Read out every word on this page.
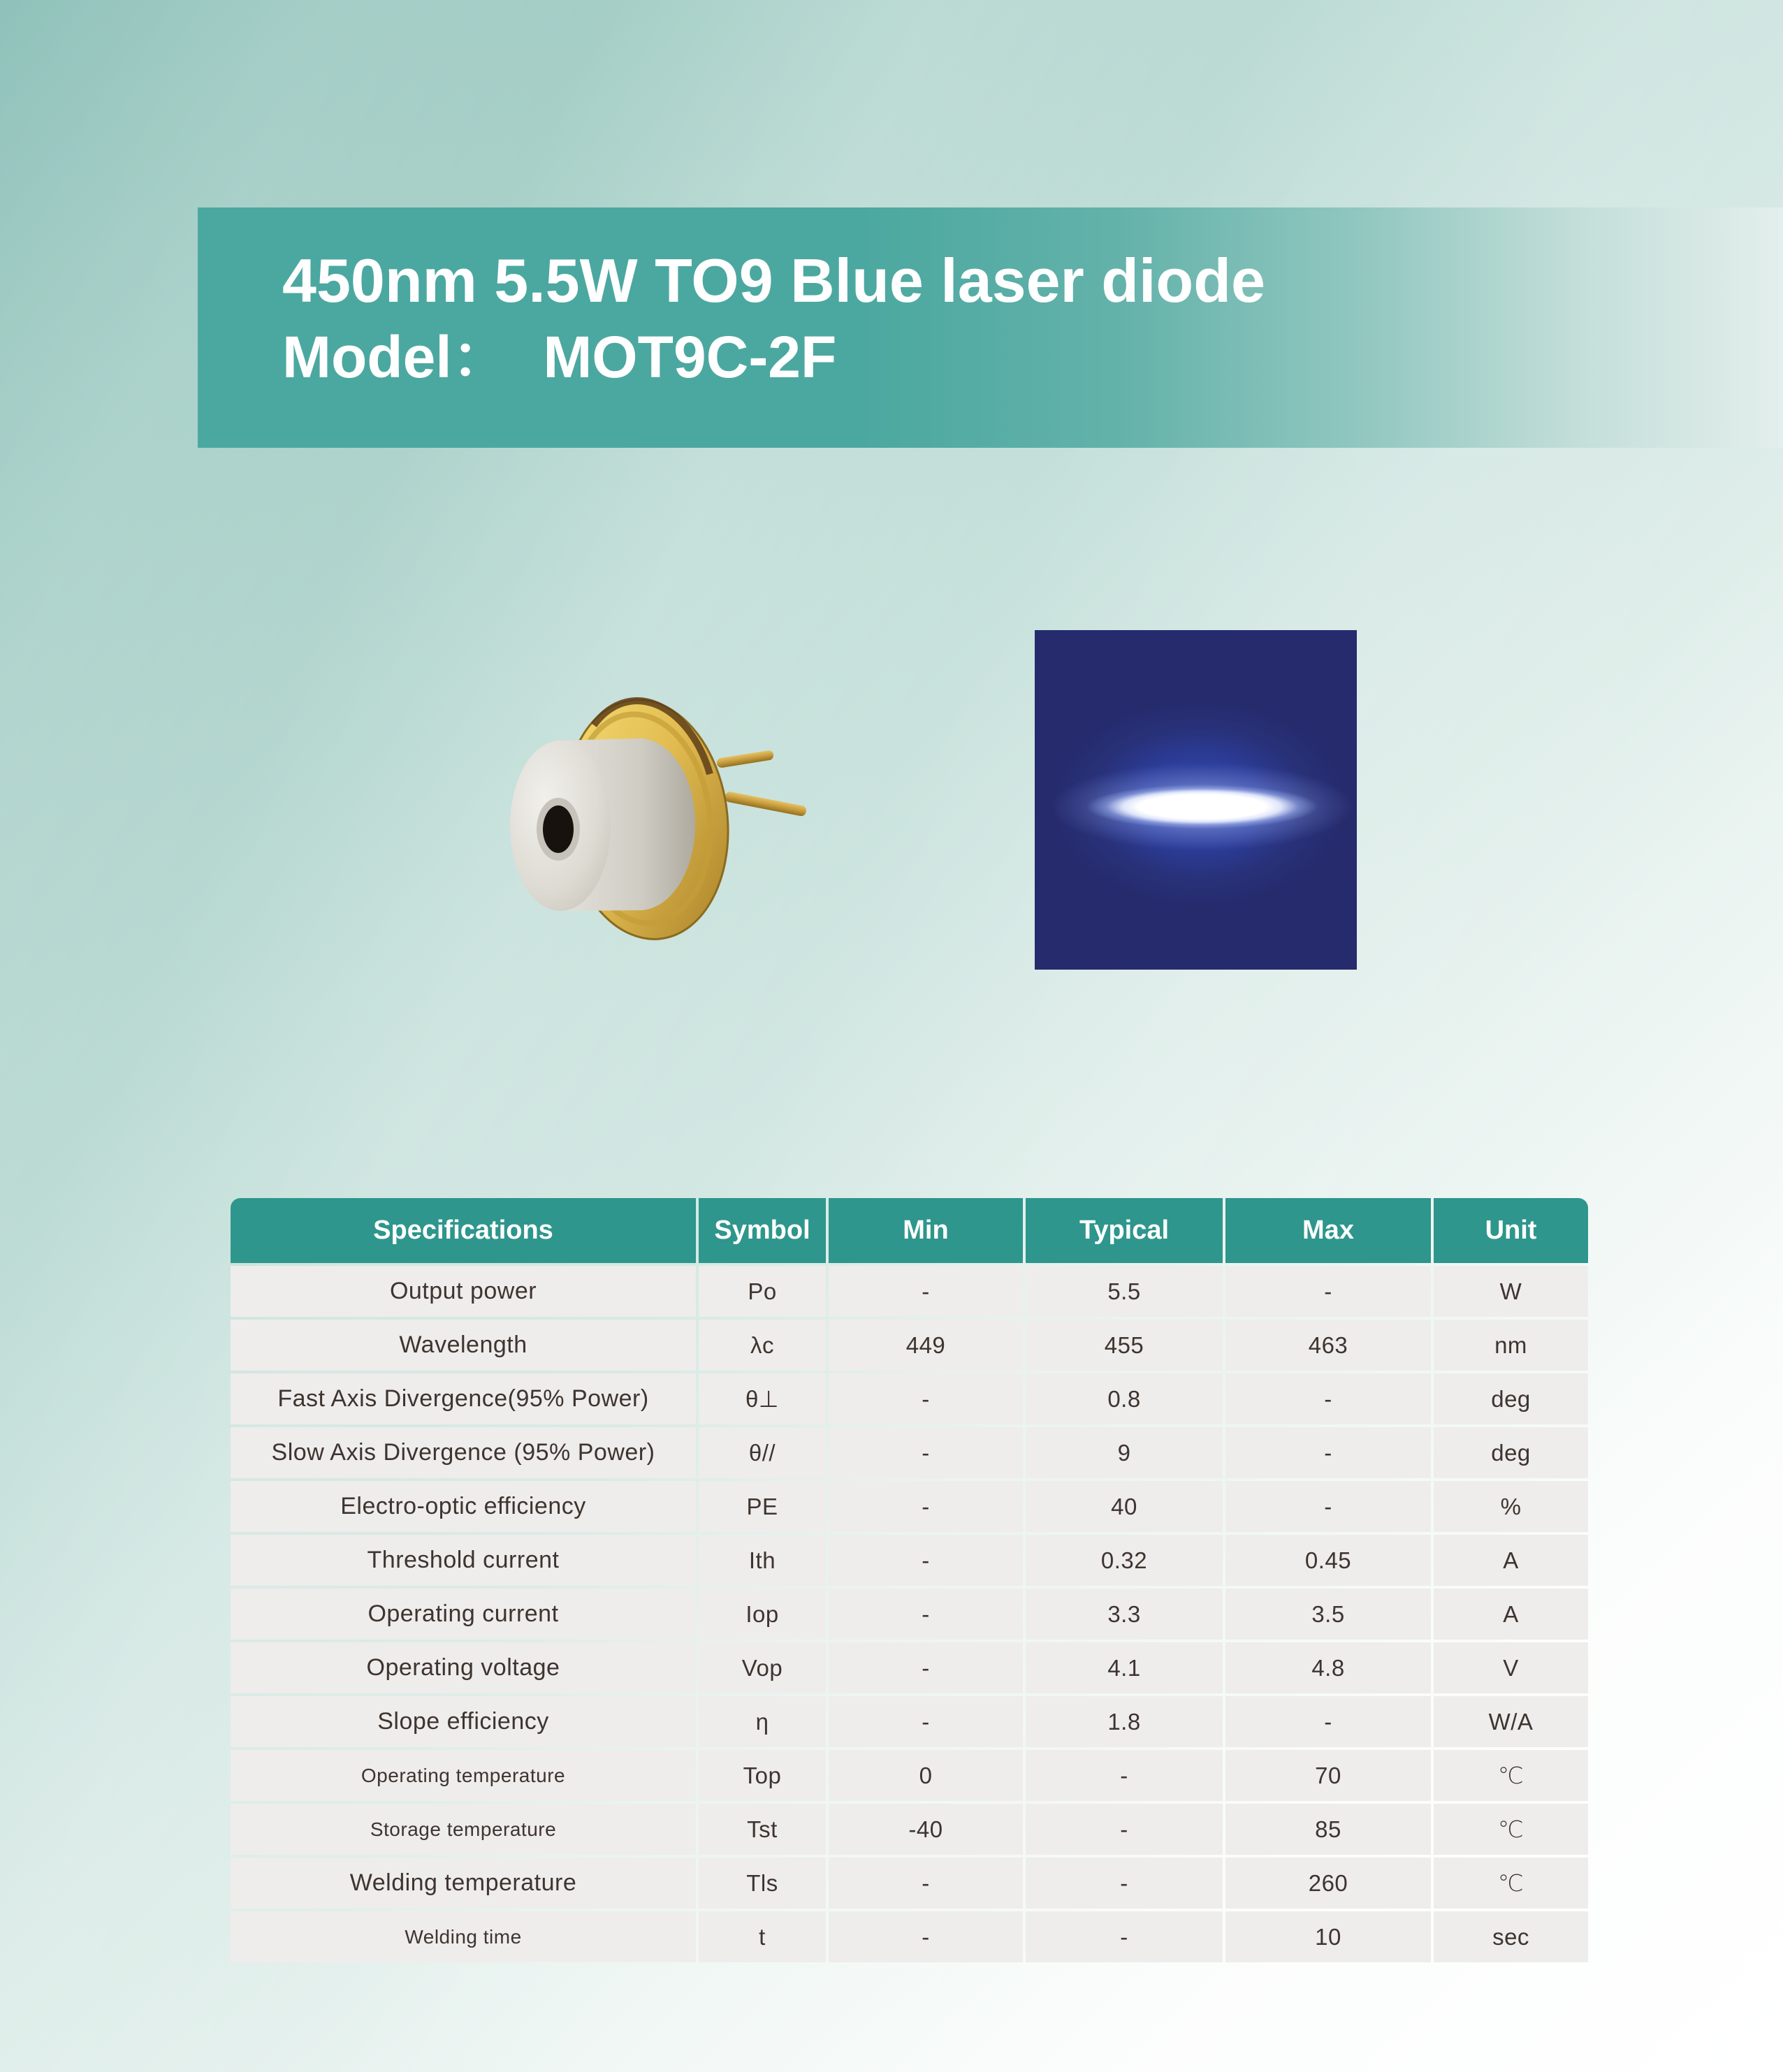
450nm 5.5W TO9 Blue laser diode
Model：  MOT9C-2F
Specifications	Symbol	Min	Typical	Max	Unit
Output power	Po	-	5.5	-	W
Wavelength	λc	449	455	463	nm
Fast Axis Divergence(95% Power)	θ⊥	-	0.8	-	deg
Slow Axis Divergence (95% Power)	θ//	-	9	-	deg
Electro-optic efficiency	PE	-	40	-	%
Threshold current	Ith	-	0.32	0.45	A
Operating current	Iop	-	3.3	3.5	A
Operating voltage	Vop	-	4.1	4.8	V
Slope efficiency	η	-	1.8	-	W/A
Operating temperature	Top	0	-	70	℃
Storage temperature	Tst	-40	-	85	℃
Welding temperature	Tls	-	-	260	℃
Welding time	t	-	-	10	sec
